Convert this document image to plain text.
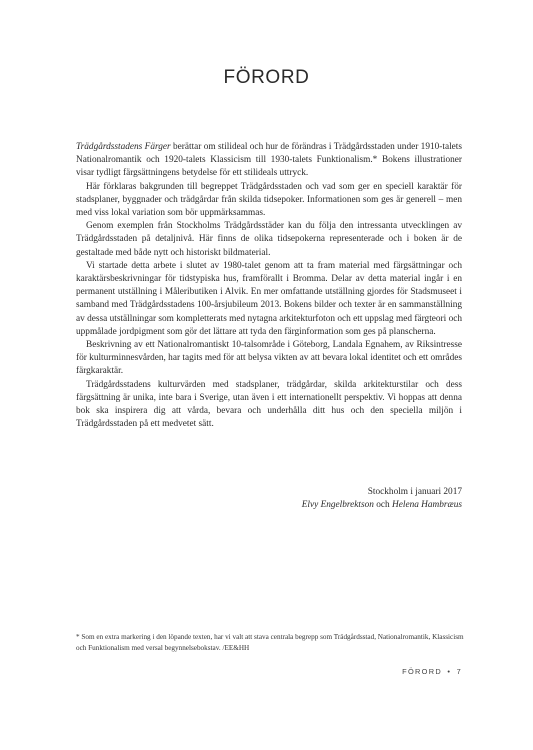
FÖRORD

Trädgårdsstadens Färger berättar om stilideal och hur de förändras i Trädgårdsstaden under 1910-talets Nationalromantik och 1920-talets Klassicism till 1930-talets Funktionalism.* Bokens illustrationer visar tydligt färgsättningens betydelse för ett stilideals uttryck.

Här förklaras bakgrunden till begreppet Trädgårdsstaden och vad som ger en speciell karaktär för stadsplaner, byggnader och trädgårdar från skilda tidsepoker. Informationen som ges är generell – men med viss lokal variation som bör uppmärksammas.

Genom exemplen från Stockholms Trädgårdsstäder kan du följa den intressanta utvecklingen av Trädgårdsstaden på detaljnivå. Här finns de olika tidsepokerna representerade och i boken är de gestaltade med både nytt och historiskt bildmaterial.

Vi startade detta arbete i slutet av 1980-talet genom att ta fram material med färgsättningar och karaktärsbeskrivningar för tidstypiska hus, framförallt i Bromma. Delar av detta material ingår i en permanent utställning i Måleributiken i Alvik. En mer omfattande utställning gjordes för Stadsmuseet i samband med Trädgårdsstadens 100-årsjubileum 2013. Bokens bilder och texter är en sammanställning av dessa utställningar som kompletterats med nytagna arkitekturfoton och ett uppslag med färgteori och uppmålade jordpigment som gör det lättare att tyda den färginformation som ges på planscherna.

Beskrivning av ett Nationalromantiskt 10-talsområde i Göteborg, Landala Egnahem, av Riksintresse för kulturminnesvården, har tagits med för att belysa vikten av att bevara lokal identitet och ett områdes färgkaraktär.

Trädgårdsstadens kulturvärden med stadsplaner, trädgårdar, skilda arkitekturstilar och dess färgsättning är unika, inte bara i Sverige, utan även i ett internationellt perspektiv. Vi hoppas att denna bok ska inspirera dig att vårda, bevara och underhålla ditt hus och den speciella miljön i Trädgårdsstaden på ett medvetet sätt.

Stockholm i januari 2017
Elvy Engelbrektson och Helena Hambræus
* Som en extra markering i den löpande texten, har vi valt att stava centrala begrepp som Trädgårdsstad, Nationalromantik, Klassicism och Funktionalism med versal begynnelsebokstav. /EE&HH
FÖRORD • 7
